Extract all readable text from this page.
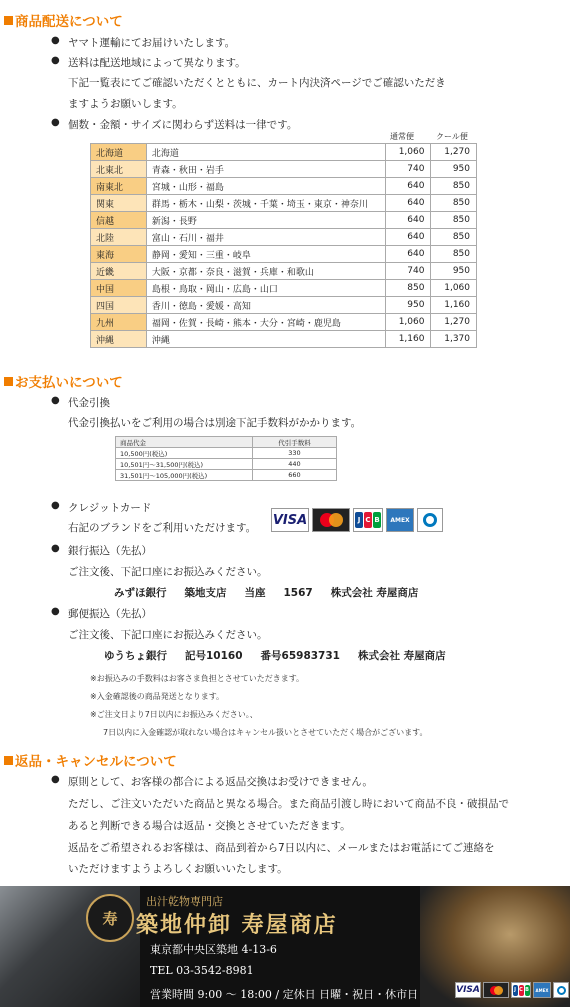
商品配送について
● ヤマト運輸にてお届けいたします。
● 送料は配送地域によって異なります。
下記一覧表にてご確認いただくとともに、カート内決済ページでご確認いただき
ますようお願いします。
● 個数・金額・サイズに関わらず送料は一律です。
通常便	クール便
北海道	北海道	1,060	1,270
北東北	青森・秋田・岩手	740	950
南東北	宮城・山形・福島	640	850
関東	群馬・栃木・山梨・茨城・千葉・埼玉・東京・神奈川	640	850
信越	新潟・長野	640	850
北陸	富山・石川・福井	640	850
東海	静岡・愛知・三重・岐阜	640	850
近畿	大阪・京都・奈良・滋賀・兵庫・和歌山	740	950
中国	島根・鳥取・岡山・広島・山口	850	1,060
四国	香川・徳島・愛媛・高知	950	1,160
九州	福岡・佐賀・長崎・熊本・大分・宮崎・鹿児島	1,060	1,270
沖縄	沖縄	1,160	1,370
お支払いについて
● 代金引換
代金引換払いをご利用の場合は別途下記手数料がかかります。
商品代金	代引手数料
10,500円(税込)	330
10,501円〜31,500円(税込)	440
31,501円〜105,000円(税込)	660
● クレジットカード
右記のブランドをご利用いただけます。
VISA	J C B	AMEX
● 銀行振込（先払）
ご注文後、下記口座にお振込みください。
みずほ銀行 築地支店 当座 1567 株式会社 寿屋商店
● 郵便振込（先払）
ご注文後、下記口座にお振込みください。
ゆうちょ銀行 記号10160 番号65983731 株式会社 寿屋商店
※お振込みの手数料はお客さま負担とさせていただきます。
※入金確認後の商品発送となります。
※ご注文日より7日以内にお振込みください。、
7日以内に入金確認が取れない場合はキャンセル扱いとさせていただく場合がございます。
返品・キャンセルについて
● 原則として、お客様の都合による返品交換はお受けできません。
ただし、ご注文いただいた商品と異なる場合。また商品引渡し時において商品不良・破損品で
あると判断できる場合は返品・交換とさせていただきます。
返品をご希望されるお客様は、商品到着から7日以内に、メールまたはお電話にてご連絡を
いただけますようよろしくお願いいたします。
寿
出汁乾物専門店
築地仲卸 寿屋商店
東京都中央区築地 4-13-6
TEL 03-3542-8981
営業時間 9:00 〜 18:00 / 定休日 日曜・祝日・休市日	VISA	J C B	AMEX
